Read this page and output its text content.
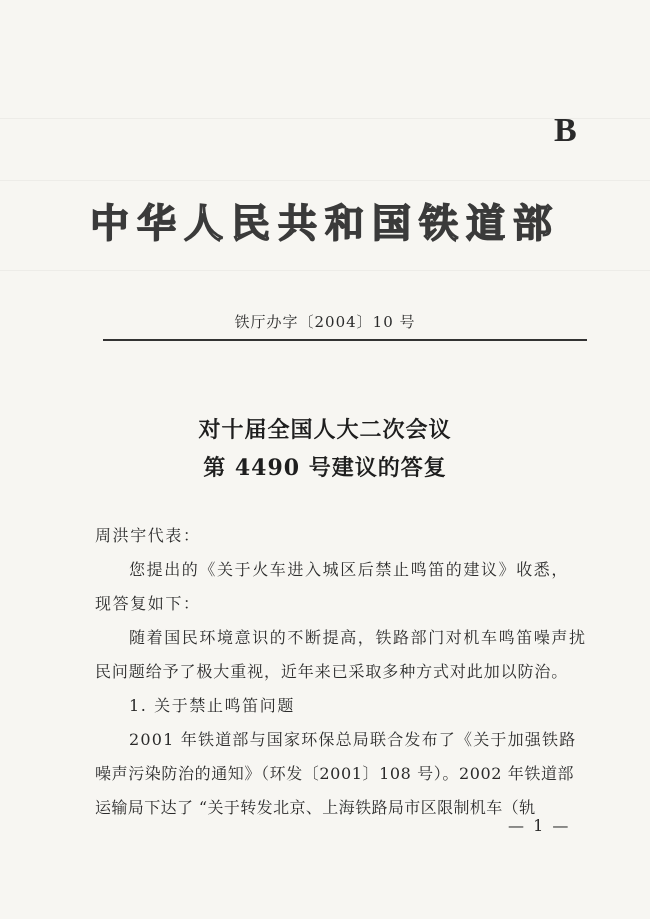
B
中华人民共和国铁道部
铁厅办字〔2004〕10 号
对十届全国人大二次会议
第 4490 号建议的答复
周洪宇代表：
您提出的《关于火车进入城区后禁止鸣笛的建议》收悉，
现答复如下：
随着国民环境意识的不断提高，铁路部门对机车鸣笛噪声扰
民问题给予了极大重视，近年来已采取多种方式对此加以防治。
1. 关于禁止鸣笛问题
2001 年铁道部与国家环保总局联合发布了《关于加强铁路
噪声污染防治的通知》（环发〔2001〕108 号）。2002 年铁道部
运输局下达了 “关于转发北京、上海铁路局市区限制机车（轨
— 1 —
